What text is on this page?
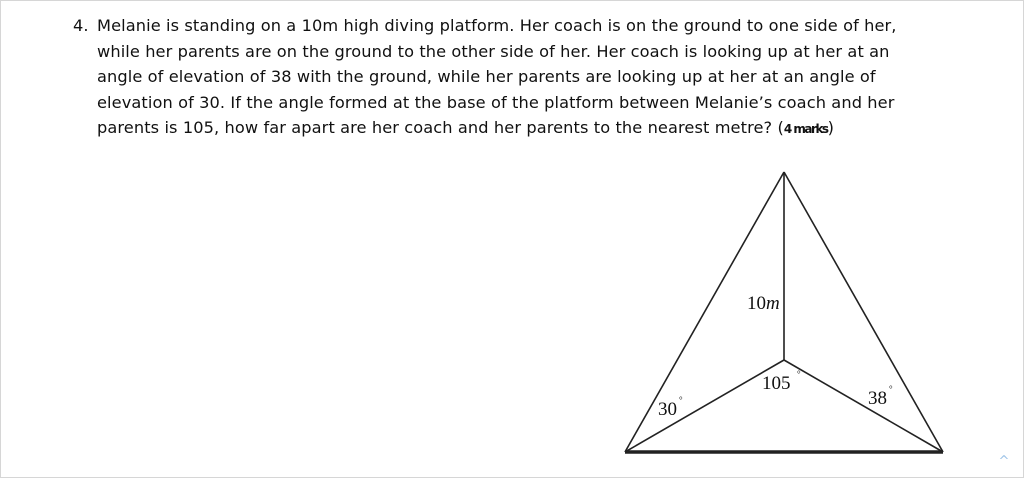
4. Melanie is standing on a 10m high diving platform. Her coach is on the ground to one side of her,
while her parents are on the ground to the other side of her. Her coach is looking up at her at an
angle of elevation of 38 with the ground, while her parents are looking up at her at an angle of
elevation of 30. If the angle formed at the base of the platform between Melanie’s coach and her
parents is 105, how far apart are her coach and her parents to the nearest metre? (4 marks)
10m
105 °
30 °	38 °
^
